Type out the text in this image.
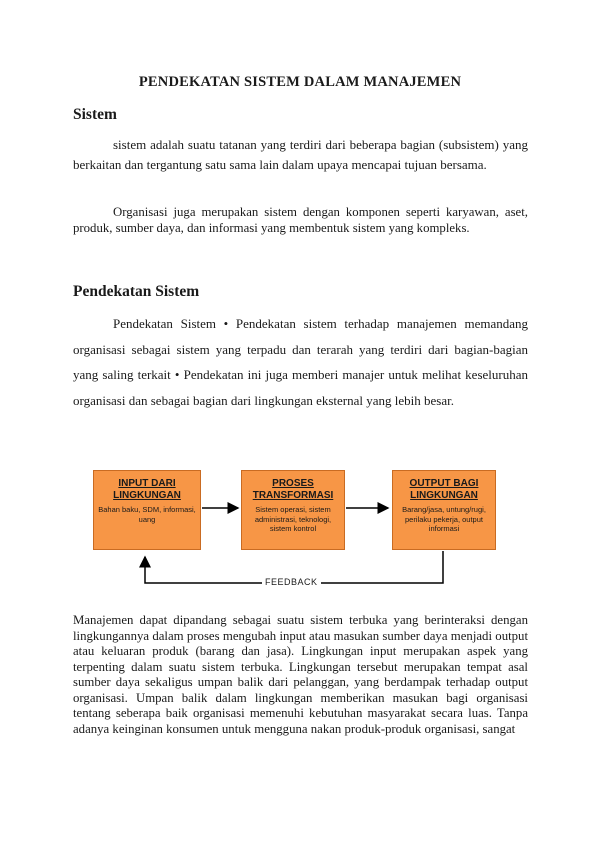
PENDEKATAN SISTEM DALAM MANAJEMEN
Sistem
sistem adalah suatu tatanan yang terdiri dari beberapa bagian (subsistem) yang berkaitan dan tergantung satu sama lain dalam upaya mencapai tujuan bersama.
Organisasi juga merupakan sistem dengan komponen seperti karyawan, aset, produk, sumber daya, dan informasi yang membentuk sistem yang kompleks.
Pendekatan Sistem
Pendekatan Sistem • Pendekatan sistem terhadap manajemen memandang organisasi sebagai sistem yang terpadu dan terarah yang terdiri dari bagian-bagian yang saling terkait • Pendekatan ini juga memberi manajer untuk melihat keseluruhan organisasi dan sebagai bagian dari lingkungan eksternal yang lebih besar.
INPUT DARI LINGKUNGAN
Bahan baku, SDM, informasi, uang
PROSES TRANSFORMASI
Sistem operasi, sistem administrasi, teknologi, sistem kontrol
OUTPUT BAGI LINGKUNGAN
Barang/jasa, untung/rugi, perilaku pekerja, output informasi
FEEDBACK
Manajemen dapat dipandang sebagai suatu sistem terbuka yang berinteraksi dengan lingkungannya dalam proses mengubah input atau masukan sumber daya menjadi output atau keluaran produk (barang dan jasa). Lingkungan input merupakan aspek yang terpenting dalam suatu sistem terbuka. Lingkungan tersebut merupakan tempat asal sumber daya sekaligus umpan balik dari pelanggan, yang berdampak terhadap output organisasi. Umpan balik dalam lingkungan memberikan masukan bagi organisasi tentang seberapa baik organisasi memenuhi kebutuhan masyarakat secara luas. Tanpa adanya keinginan konsumen untuk mengguna nakan produk-produk organisasi, sangat
